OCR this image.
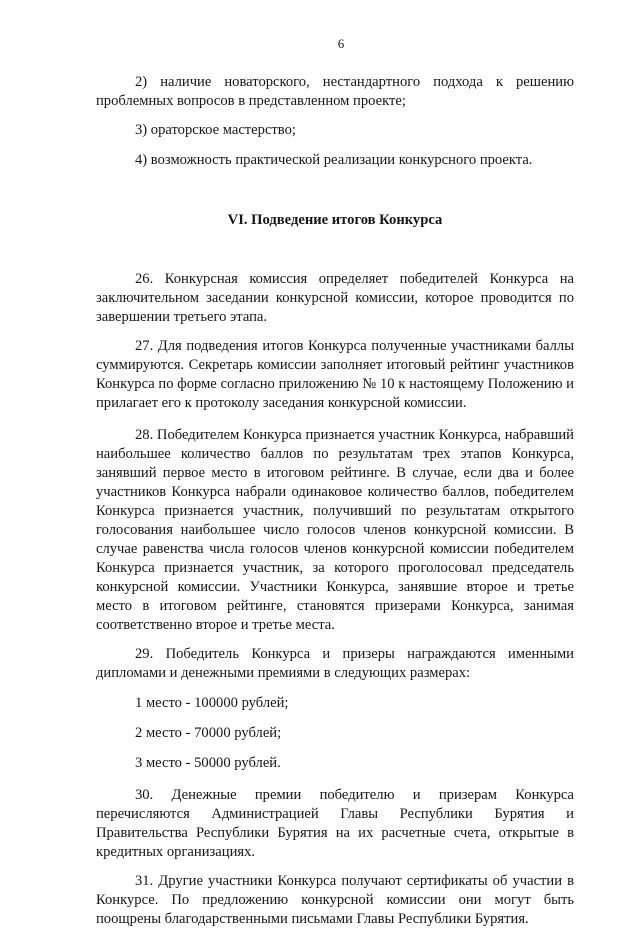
6

2) наличие новаторского, нестандартного подхода к решению проблемных вопросов в представленном проекте;

3) ораторское мастерство;

4) возможность практической реализации конкурсного проекта.

VI. Подведение итогов Конкурса

26. Конкурсная комиссия определяет победителей Конкурса на заключительном заседании конкурсной комиссии, которое проводится по завершении третьего этапа.

27. Для подведения итогов Конкурса полученные участниками баллы суммируются. Секретарь комиссии заполняет итоговый рейтинг участников Конкурса по форме согласно приложению № 10 к настоящему Положению и прилагает его к протоколу заседания конкурсной комиссии.

28. Победителем Конкурса признается участник Конкурса, набравший наибольшее количество баллов по результатам трех этапов Конкурса, занявший первое место в итоговом рейтинге. В случае, если два и более участников Конкурса набрали одинаковое количество баллов, победителем Конкурса признается участник, получивший по результатам открытого голосования наибольшее число голосов членов конкурсной комиссии. В случае равенства числа голосов членов конкурсной комиссии победителем Конкурса признается участник, за которого проголосовал председатель конкурсной комиссии. Участники Конкурса, занявшие второе и третье место в итоговом рейтинге, становятся призерами Конкурса, занимая соответственно второе и третье места.

29. Победитель Конкурса и призеры награждаются именными дипломами и денежными премиями в следующих размерах:

1 место - 100000 рублей;

2 место - 70000 рублей;

3 место - 50000 рублей.

30. Денежные премии победителю и призерам Конкурса перечисляются Администрацией Главы Республики Бурятия и Правительства Республики Бурятия на их расчетные счета, открытые в кредитных организациях.

31. Другие участники Конкурса получают сертификаты об участии в Конкурсе. По предложению конкурсной комиссии они могут быть поощрены благодарственными письмами Главы Республики Бурятия.
